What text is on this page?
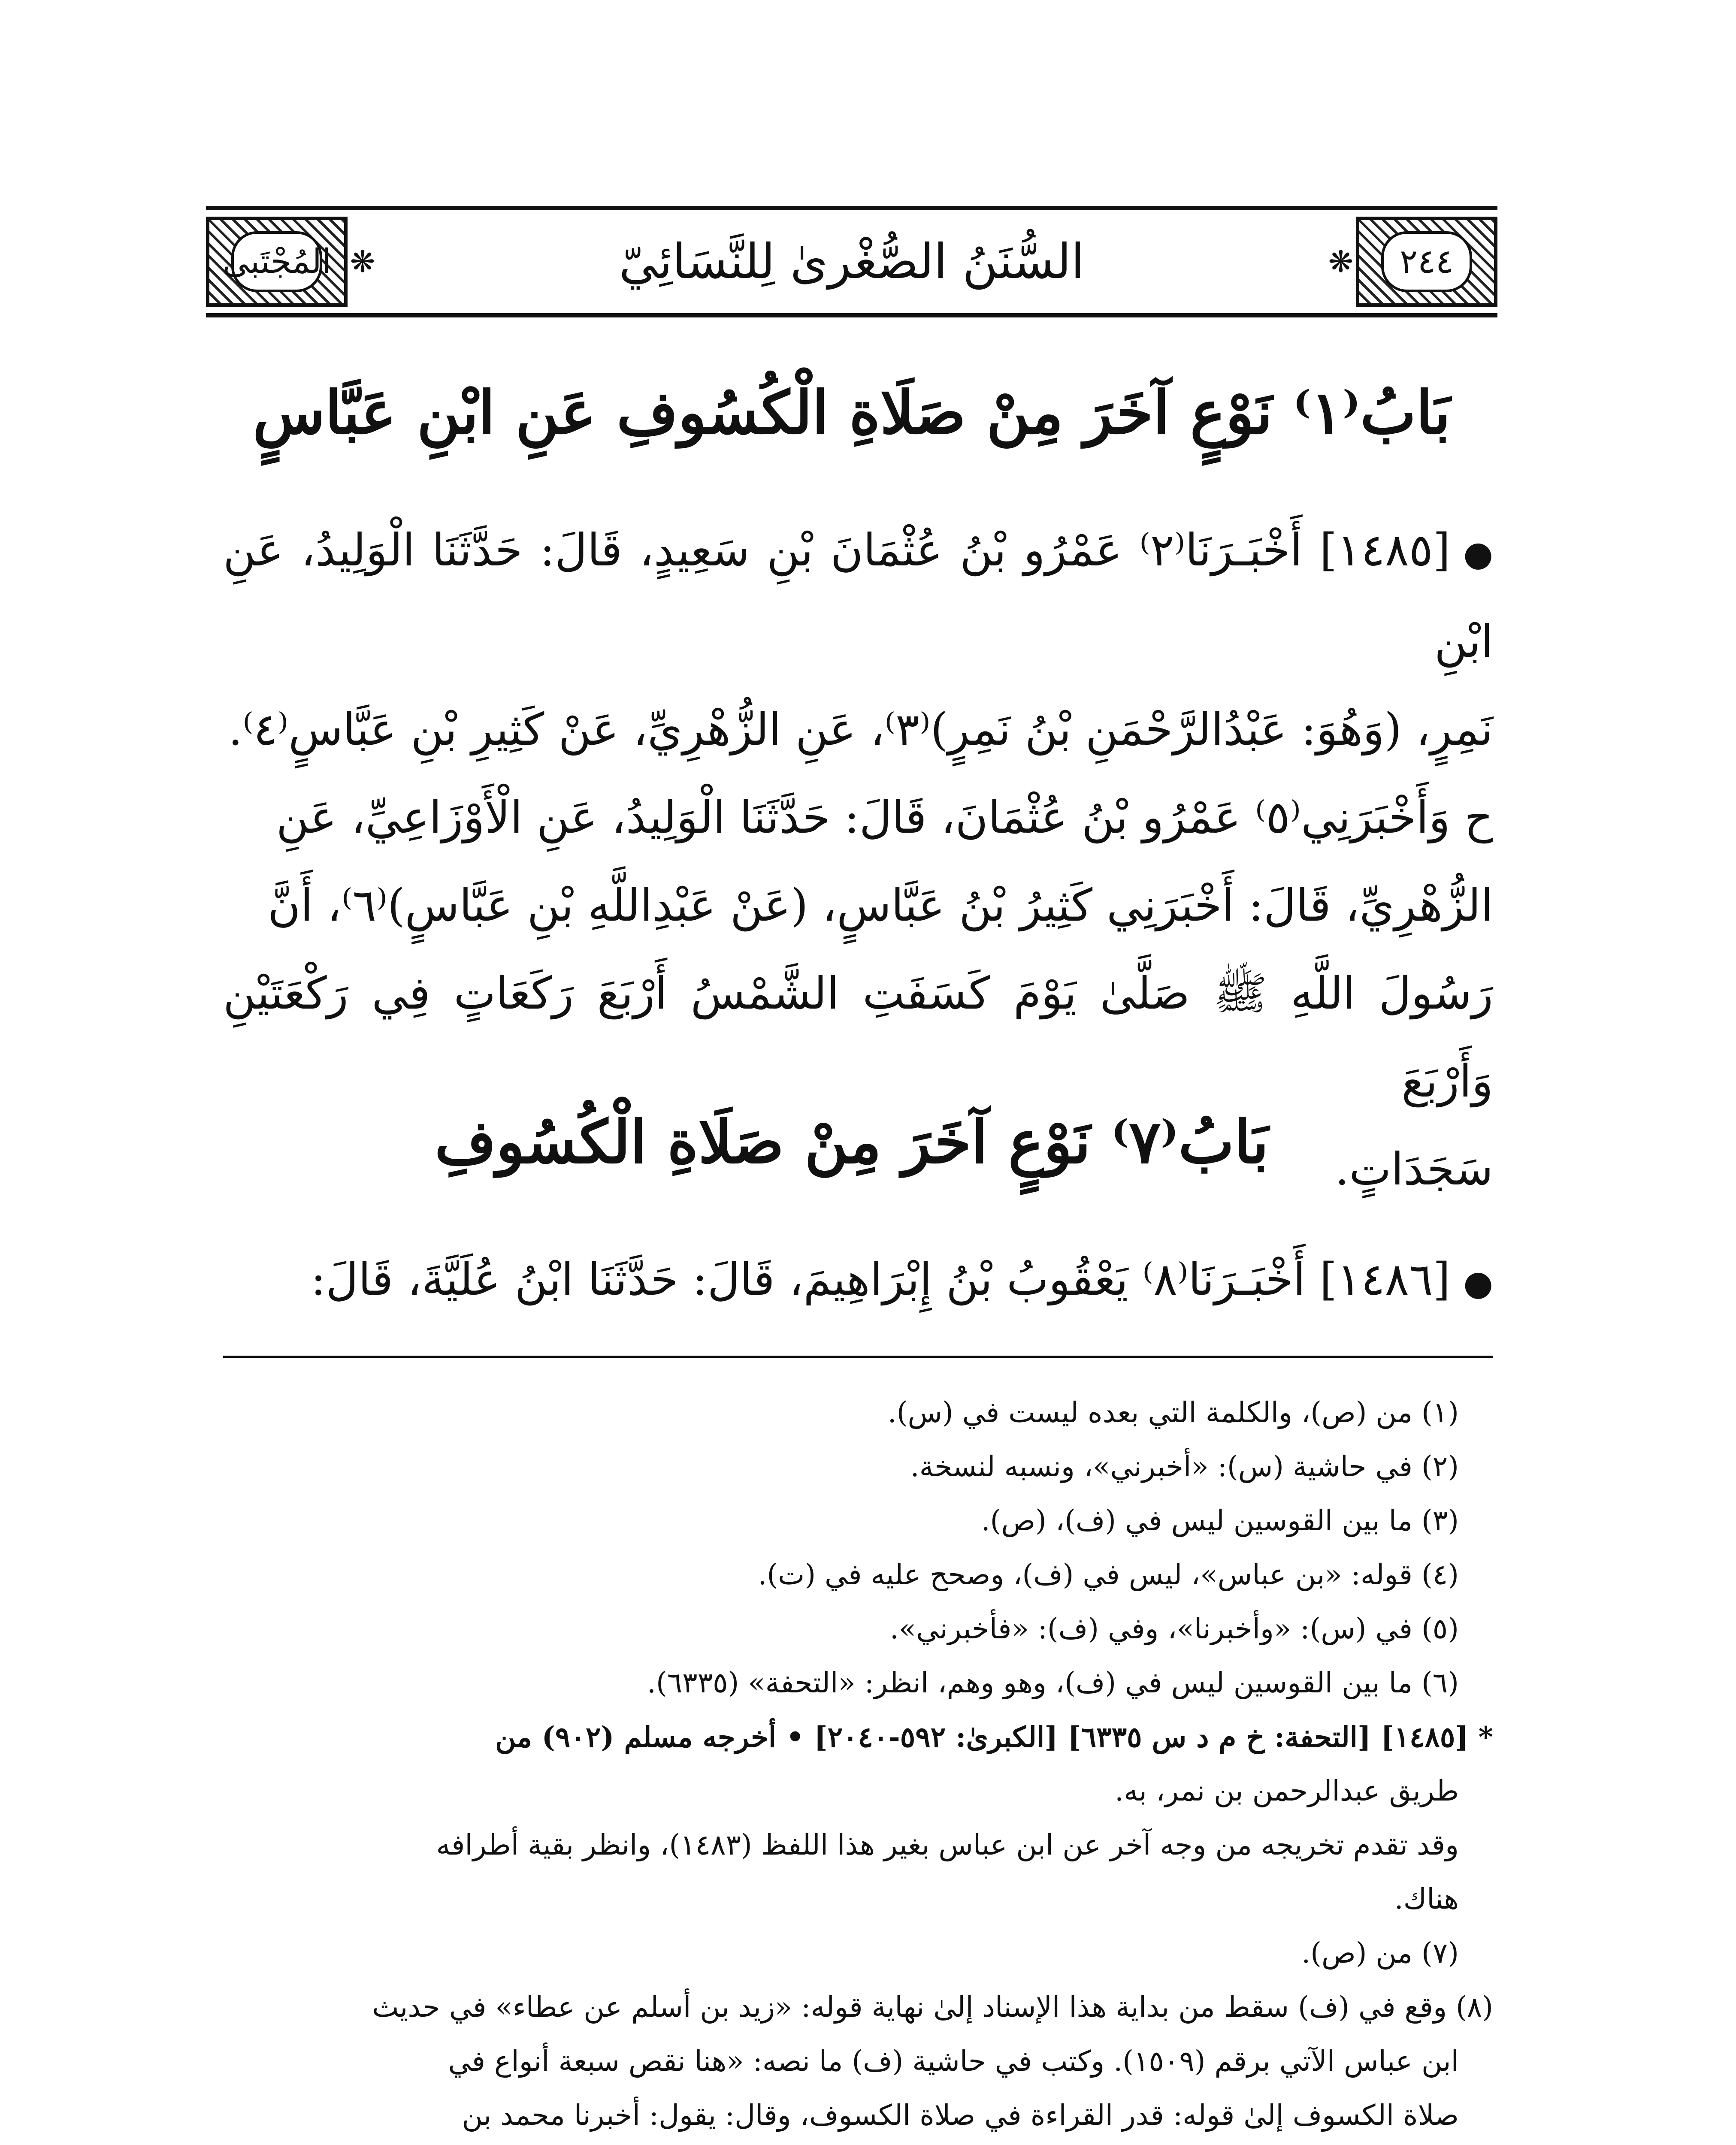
المُجْتَبىٰ ❋	السُّنَنُ الصُّغْرىٰ لِلنَّسَائِيّ	❋	٢٤٤
بَابُ⁽١⁾ نَوْعٍ آخَرَ مِنْ صَلَاةِ الْكُسُوفِ عَنِ ابْنِ عَبَّاسٍ
●[١٤٨٥] أَخْبَـرَنَا⁽٢⁾ عَمْرُو بْنُ عُثْمَانَ بْنِ سَعِيدٍ، قَالَ: حَدَّثَنَا الْوَلِيدُ، عَنِ ابْنِ
نَمِرٍ، (وَهُوَ: عَبْدُالرَّحْمَنِ بْنُ نَمِرٍ)⁽٣⁾، عَنِ الزُّهْرِيِّ، عَنْ كَثِيرِ بْنِ عَبَّاسٍ⁽٤⁾.
ح وَأَخْبَرَنِي⁽٥⁾ عَمْرُو بْنُ عُثْمَانَ، قَالَ: حَدَّثَنَا الْوَلِيدُ، عَنِ الْأَوْزَاعِيِّ، عَنِ
الزُّهْرِيِّ، قَالَ: أَخْبَرَنِي كَثِيرُ بْنُ عَبَّاسٍ، (عَنْ عَبْدِاللَّهِ بْنِ عَبَّاسٍ)⁽٦⁾، أَنَّ
رَسُولَ اللَّهِ ﷺ صَلَّىٰ يَوْمَ كَسَفَتِ الشَّمْسُ أَرْبَعَ رَكَعَاتٍ فِي رَكْعَتَيْنِ وَأَرْبَعَ
سَجَدَاتٍ.
بَابُ⁽٧⁾ نَوْعٍ آخَرَ مِنْ صَلَاةِ الْكُسُوفِ
●[١٤٨٦] أَخْبَـرَنَا⁽٨⁾ يَعْقُوبُ بْنُ إِبْرَاهِيمَ، قَالَ: حَدَّثَنَا ابْنُ عُلَيَّةَ، قَالَ:
(١) من (ص)، والكلمة التي بعده ليست في (س).
(٢) في حاشية (س): «أخبرني»، ونسبه لنسخة.
(٣) ما بين القوسين ليس في (ف)، (ص).
(٤) قوله: «بن عباس»، ليس في (ف)، وصحح عليه في (ت).
(٥) في (س): «وأخبرنا»، وفي (ف): «فأخبرني».
(٦) ما بين القوسين ليس في (ف)، وهو وهم، انظر: «التحفة» (٦٣٣٥).
* [١٤٨٥] [التحفة: خ م د س ٦٣٣٥] [الكبرىٰ: ٥٩٢-٢٠٤٠] • أخرجه مسلم (٩٠٢) من
طريق عبدالرحمن بن نمر، به.
وقد تقدم تخريجه من وجه آخر عن ابن عباس بغير هذا اللفظ (١٤٨٣)، وانظر بقية أطرافه
هناك.
(٧) من (ص).
(٨) وقع في (ف) سقط من بداية هذا الإسناد إلىٰ نهاية قوله: «زيد بن أسلم عن عطاء» في حديث
ابن عباس الآتي برقم (١٥٠٩). وكتب في حاشية (ف) ما نصه: «هنا نقص سبعة أنواع في
صلاة الكسوف إلىٰ قوله: قدر القراءة في صلاة الكسوف، وقال: يقول: أخبرنا محمد بن
